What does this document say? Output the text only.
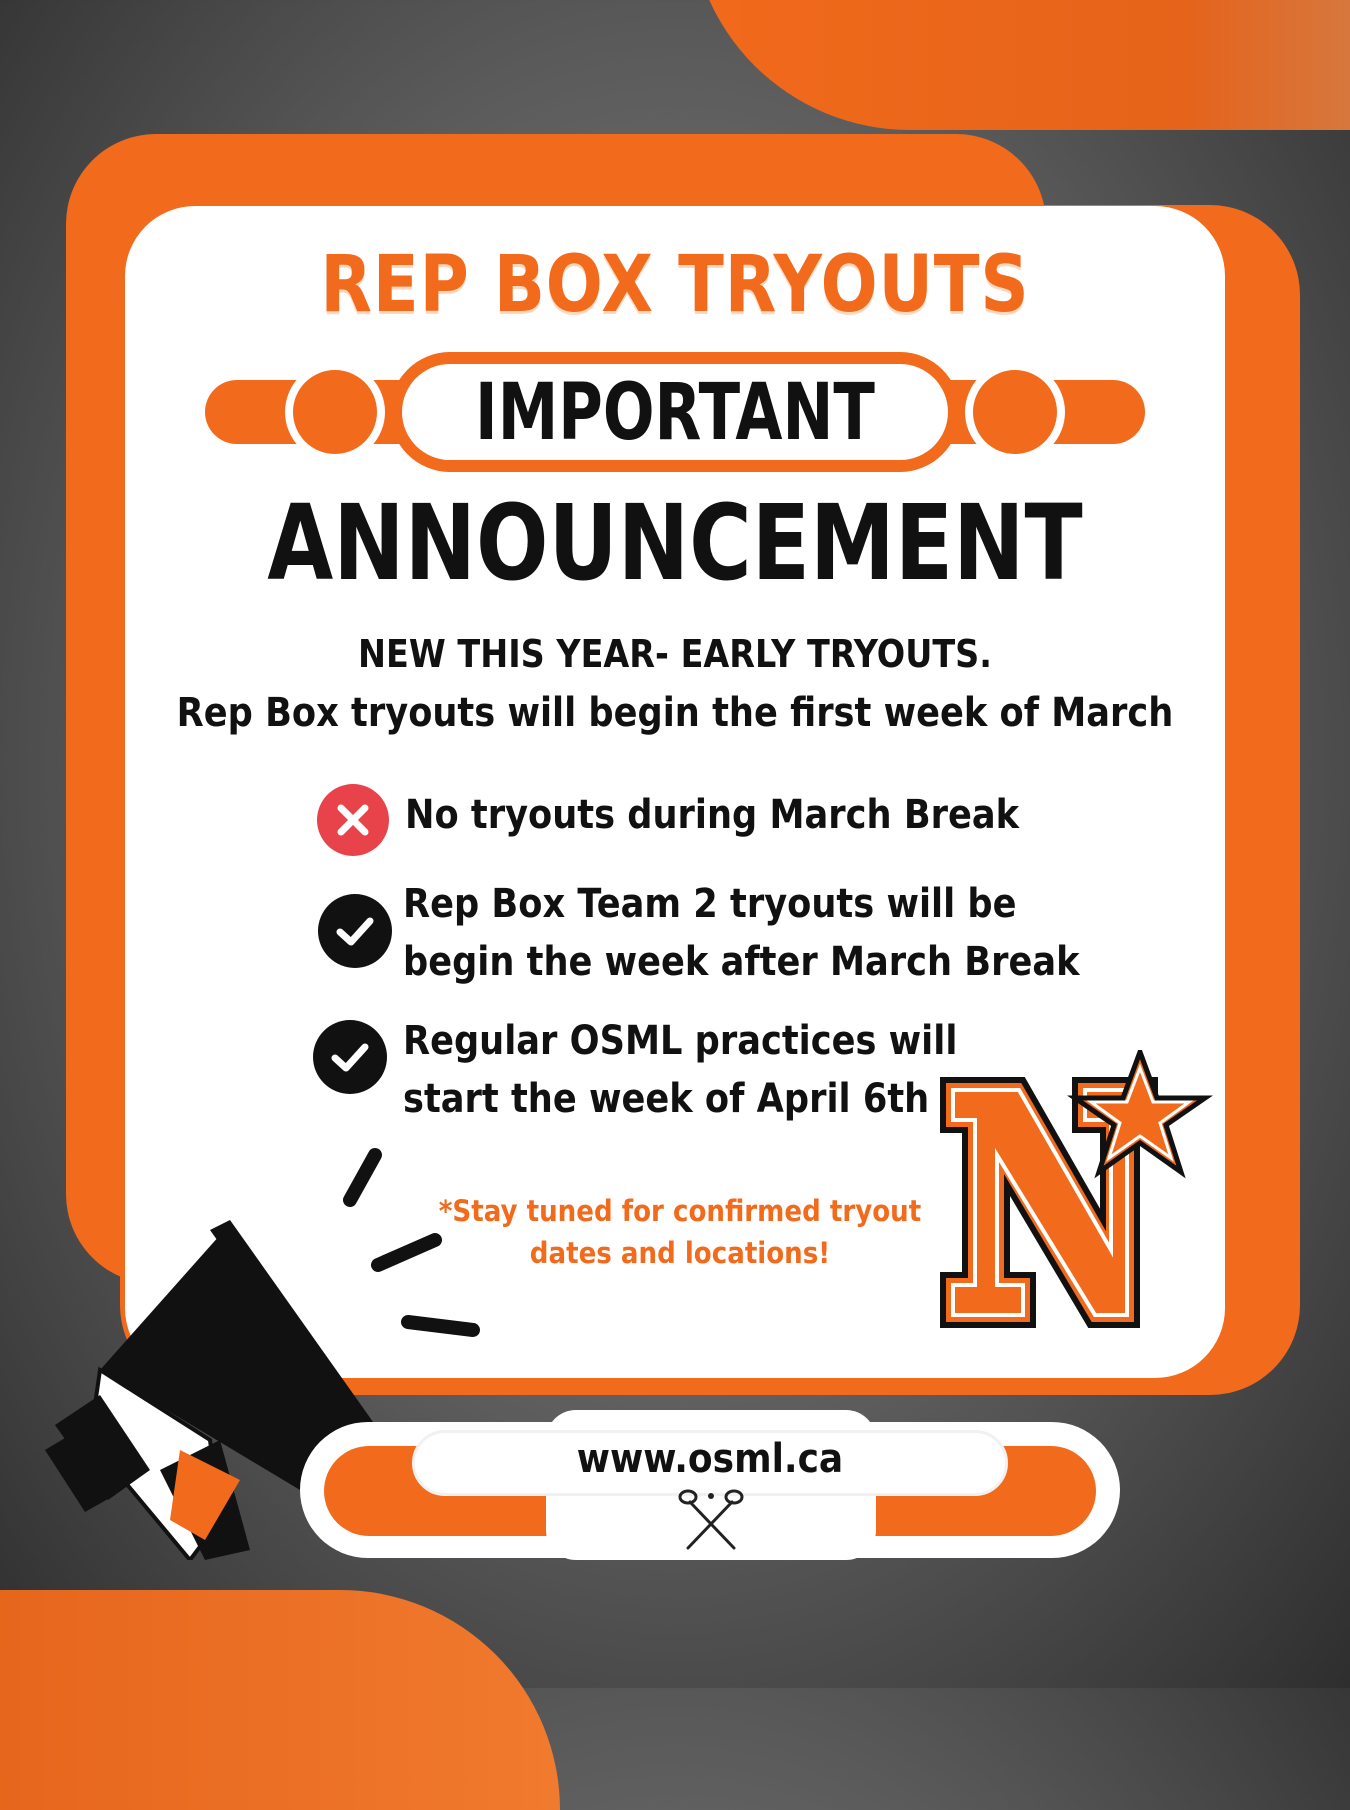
REP BOX TRYOUTS
IMPORTANT
ANNOUNCEMENT
NEW THIS YEAR- EARLY TRYOUTS.
Rep Box tryouts will begin the first week of March
No tryouts during March Break
Rep Box Team 2 tryouts will be
begin the week after March Break
Regular OSML practices will
start the week of April 6th
*Stay tuned for confirmed tryout
dates and locations!
www.osml.ca
